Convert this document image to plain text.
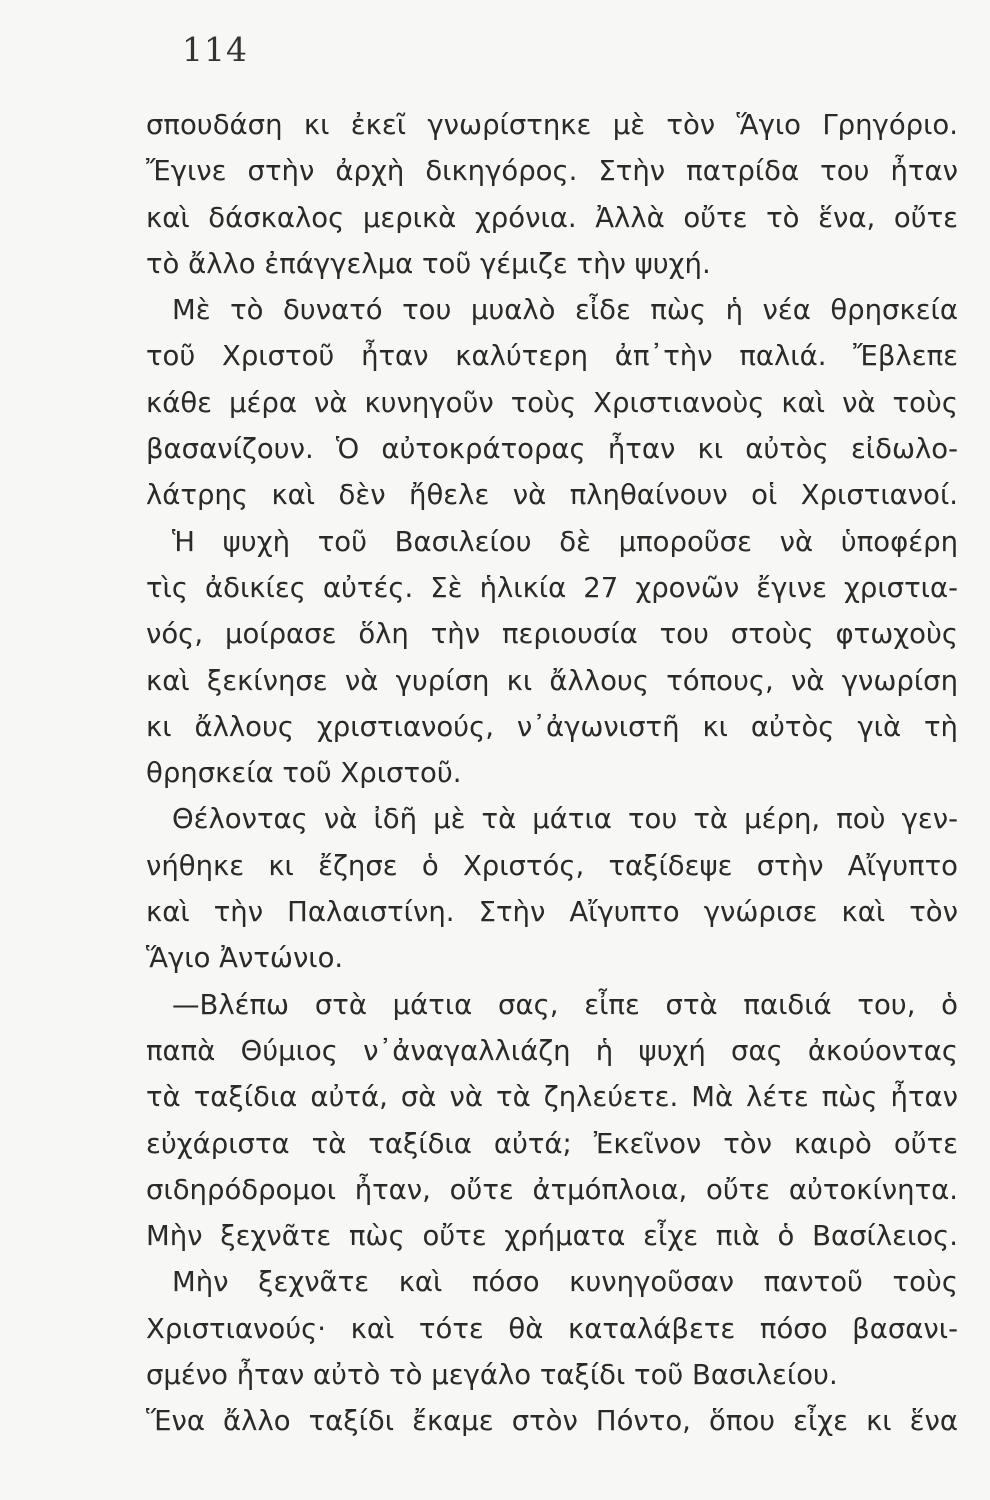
114
σπουδάση κι ἐκεῖ γνωρίστηκε μὲ τὸν Ἅγιο Γρηγόριο.
Ἔγινε στὴν ἀρχὴ δικηγόρος. Στὴν πατρίδα του ἦταν
καὶ δάσκαλος μερικὰ χρόνια. Ἀλλὰ οὔτε τὸ ἕνα, οὔτε
τὸ ἄλλο ἐπάγγελμα τοῦ γέμιζε τὴν ψυχή.
Μὲ τὸ δυνατό του μυαλὸ εἶδε πὼς ἡ νέα θρησκεία
τοῦ Χριστοῦ ἦταν καλύτερη ἀπ᾿τὴν παλιά. Ἔβλεπε
κάθε μέρα νὰ κυνηγοῦν τοὺς Χριστιανοὺς καὶ νὰ τοὺς
βασανίζουν. Ὁ αὐτοκράτορας ἦταν κι αὐτὸς εἰδωλο-
λάτρης καὶ δὲν ἤθελε νὰ πληθαίνουν οἱ Χριστιανοί.
Ἡ ψυχὴ τοῦ Βασιλείου δὲ μποροῦσε νὰ ὑποφέρη
τὶς ἀδικίες αὐτές. Σὲ ἡλικία 27 χρονῶν ἔγινε χριστια-
νός, μοίρασε ὅλη τὴν περιουσία του στοὺς φτωχοὺς
καὶ ξεκίνησε νὰ γυρίση κι ἄλλους τόπους, νὰ γνωρίση
κι ἄλλους χριστιανούς, ν᾿ἀγωνιστῆ κι αὐτὸς γιὰ τὴ
θρησκεία τοῦ Χριστοῦ.
Θέλοντας νὰ ἰδῆ μὲ τὰ μάτια του τὰ μέρη, ποὺ γεν-
νήθηκε κι ἔζησε ὁ Χριστός, ταξίδεψε στὴν Αἴγυπτο
καὶ τὴν Παλαιστίνη. Στὴν Αἴγυπτο γνώρισε καὶ τὸν
Ἅγιο Ἀντώνιο.
—Βλέπω στὰ μάτια σας, εἶπε στὰ παιδιά του, ὁ
παπὰ Θύμιος ν᾿ἀναγαλλιάζη ἡ ψυχή σας ἀκούοντας
τὰ ταξίδια αὐτά, σὰ νὰ τὰ ζηλεύετε. Μὰ λέτε πὼς ἦταν
εὐχάριστα τὰ ταξίδια αὐτά; Ἐκεῖνον τὸν καιρὸ οὔτε
σιδηρόδρομοι ἦταν, οὔτε ἀτμόπλοια, οὔτε αὐτοκίνητα.
Μὴν ξεχνᾶτε πὼς οὔτε χρήματα εἶχε πιὰ ὁ Βασίλειος.
Μὴν ξεχνᾶτε καὶ πόσο κυνηγοῦσαν παντοῦ τοὺς
Χριστιανούς· καὶ τότε θὰ καταλάβετε πόσο βασανι-
σμένο ἦταν αὐτὸ τὸ μεγάλο ταξίδι τοῦ Βασιλείου.
Ἕνα ἄλλο ταξίδι ἔκαμε στὸν Πόντο, ὅπου εἶχε κι ἕνα
